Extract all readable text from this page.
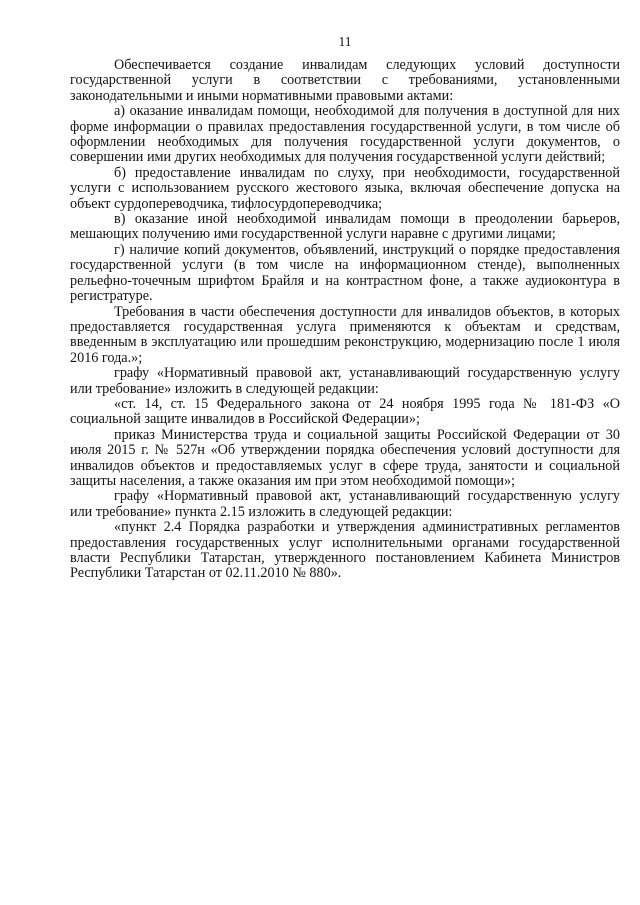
11

Обеспечивается создание инвалидам следующих условий доступности государственной услуги в соответствии с требованиями, установленными законодательными и иными нормативными правовыми актами:

а) оказание инвалидам помощи, необходимой для получения в доступной для них форме информации о правилах предоставления государственной услуги, в том числе об оформлении необходимых для получения государственной услуги документов, о совершении ими других необходимых для получения государственной услуги действий;

б) предоставление инвалидам по слуху, при необходимости, государственной услуги с использованием русского жестового языка, включая обеспечение допуска на объект сурдопереводчика, тифлосурдопереводчика;

в) оказание иной необходимой инвалидам помощи в преодолении барьеров, мешающих получению ими государственной услуги наравне с другими лицами;

г) наличие копий документов, объявлений, инструкций о порядке предоставления государственной услуги (в том числе на информационном стенде), выполненных рельефно-точечным шрифтом Брайля и на контрастном фоне, а также аудиоконтура в регистратуре.

Требования в части обеспечения доступности для инвалидов объектов, в которых предоставляется государственная услуга применяются к объектам и средствам, введенным в эксплуатацию или прошедшим реконструкцию, модернизацию после 1 июля 2016 года.»;

графу «Нормативный правовой акт, устанавливающий государственную услугу или требование» изложить в следующей редакции:

«ст. 14, ст. 15 Федерального закона от 24 ноября 1995 года № 181-ФЗ «О социальной защите инвалидов в Российской Федерации»;

приказ Министерства труда и социальной защиты Российской Федерации от 30 июля 2015 г. № 527н «Об утверждении порядка обеспечения условий доступности для инвалидов объектов и предоставляемых услуг в сфере труда, занятости и социальной защиты населения, а также оказания им при этом необходимой помощи»;

графу «Нормативный правовой акт, устанавливающий государственную услугу или требование» пункта 2.15 изложить в следующей редакции:

«пункт 2.4 Порядка разработки и утверждения административных регламентов предоставления государственных услуг исполнительными органами государственной власти Республики Татарстан, утвержденного постановлением Кабинета Министров Республики Татарстан от 02.11.2010 № 880».
